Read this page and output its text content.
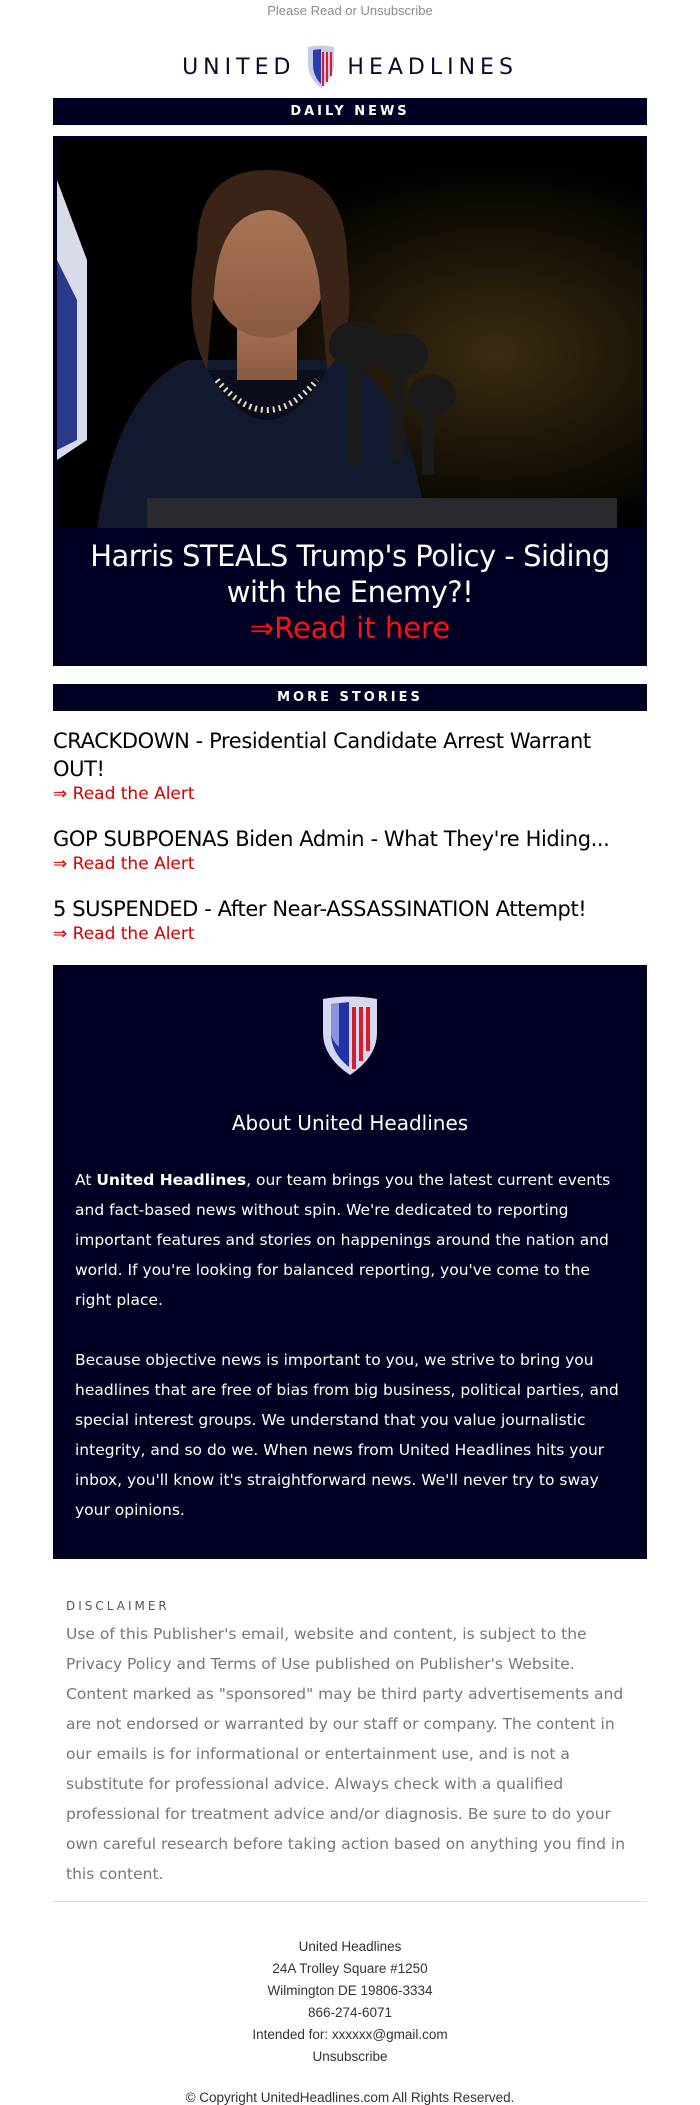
Please Read or Unsubscribe
UNITED HEADLINES
DAILY NEWS
Harris STEALS Trump's Policy - Siding with the Enemy?!
⇒Read it here
MORE STORIES
CRACKDOWN - Presidential Candidate Arrest Warrant OUT!
⇒ Read the Alert
GOP SUBPOENAS Biden Admin - What They're Hiding...
⇒ Read the Alert
5 SUSPENDED - After Near-ASSASSINATION Attempt!
⇒ Read the Alert
About United Headlines

At United Headlines, our team brings you the latest current events and fact-based news without spin. We're dedicated to reporting important features and stories on happenings around the nation and world. If you're looking for balanced reporting, you've come to the right place.

Because objective news is important to you, we strive to bring you headlines that are free of bias from big business, political parties, and special interest groups. We understand that you value journalistic integrity, and so do we. When news from United Headlines hits your inbox, you'll know it's straightforward news. We'll never try to sway your opinions.

DISCLAIMER
Use of this Publisher's email, website and content, is subject to the Privacy Policy and Terms of Use published on Publisher's Website. Content marked as "sponsored" may be third party advertisements and are not endorsed or warranted by our staff or company. The content in our emails is for informational or entertainment use, and is not a substitute for professional advice. Always check with a qualified professional for treatment advice and/or diagnosis. Be sure to do your own careful research before taking action based on anything you find in this content.
United Headlines
24A Trolley Square #1250
Wilmington DE 19806-3334
866-274-6071
Intended for: xxxxxx@gmail.com
Unsubscribe
© Copyright UnitedHeadlines.com All Rights Reserved.
